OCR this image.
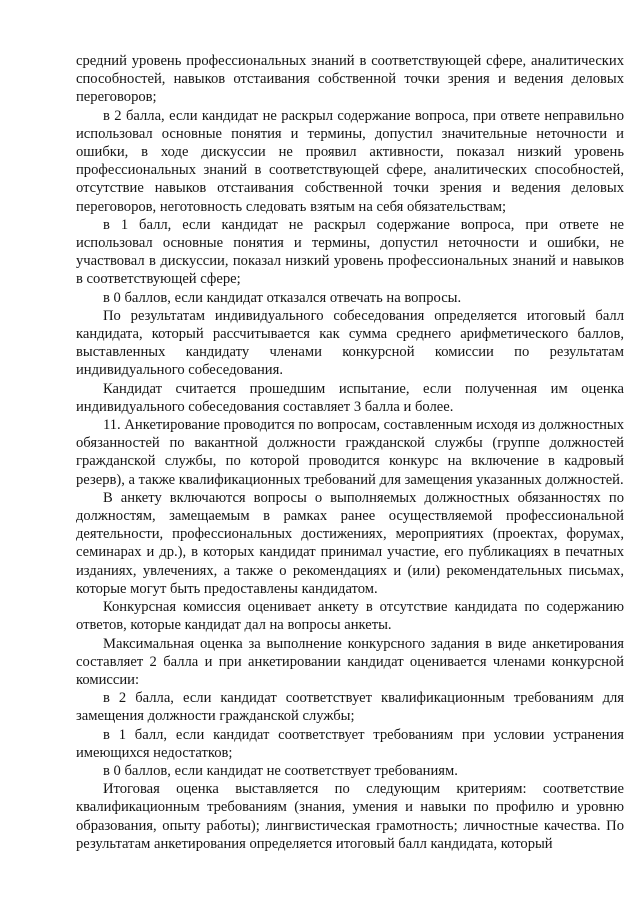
средний уровень профессиональных знаний в соответствующей сфере, аналитических способностей, навыков отстаивания собственной точки зрения и ведения деловых переговоров;

в 2 балла, если кандидат не раскрыл содержание вопроса, при ответе неправильно использовал основные понятия и термины, допустил значительные неточности и ошибки, в ходе дискуссии не проявил активности, показал низкий уровень профессиональных знаний в соответствующей сфере, аналитических способностей, отсутствие навыков отстаивания собственной точки зрения и ведения деловых переговоров, неготовность следовать взятым на себя обязательствам;

в 1 балл, если кандидат не раскрыл содержание вопроса, при ответе не использовал основные понятия и термины, допустил неточности и ошибки, не участвовал в дискуссии, показал низкий уровень профессиональных знаний и навыков в соответствующей сфере;

в 0 баллов, если кандидат отказался отвечать на вопросы.

По результатам индивидуального собеседования определяется итоговый балл кандидата, который рассчитывается как сумма среднего арифметического баллов, выставленных кандидату членами конкурсной комиссии по результатам индивидуального собеседования.

Кандидат считается прошедшим испытание, если полученная им оценка индивидуального собеседования составляет 3 балла и более.

11. Анкетирование проводится по вопросам, составленным исходя из должностных обязанностей по вакантной должности гражданской службы (группе должностей гражданской службы, по которой проводится конкурс на включение в кадровый резерв), а также квалификационных требований для замещения указанных должностей.

В анкету включаются вопросы о выполняемых должностных обязанностях по должностям, замещаемым в рамках ранее осуществляемой профессиональной деятельности, профессиональных достижениях, мероприятиях (проектах, форумах, семинарах и др.), в которых кандидат принимал участие, его публикациях в печатных изданиях, увлечениях, а также о рекомендациях и (или) рекомендательных письмах, которые могут быть предоставлены кандидатом.

Конкурсная комиссия оценивает анкету в отсутствие кандидата по содержанию ответов, которые кандидат дал на вопросы анкеты.

Максимальная оценка за выполнение конкурсного задания в виде анкетирования составляет 2 балла и при анкетировании кандидат оценивается членами конкурсной комиссии:

в 2 балла, если кандидат соответствует квалификационным требованиям для замещения должности гражданской службы;

в 1 балл, если кандидат соответствует требованиям при условии устранения имеющихся недостатков;

в 0 баллов, если кандидат не соответствует требованиям.

Итоговая оценка выставляется по следующим критериям: соответствие квалификационным требованиям (знания, умения и навыки по профилю и уровню образования, опыту работы); лингвистическая грамотность; личностные качества. По результатам анкетирования определяется итоговый балл кандидата, который
